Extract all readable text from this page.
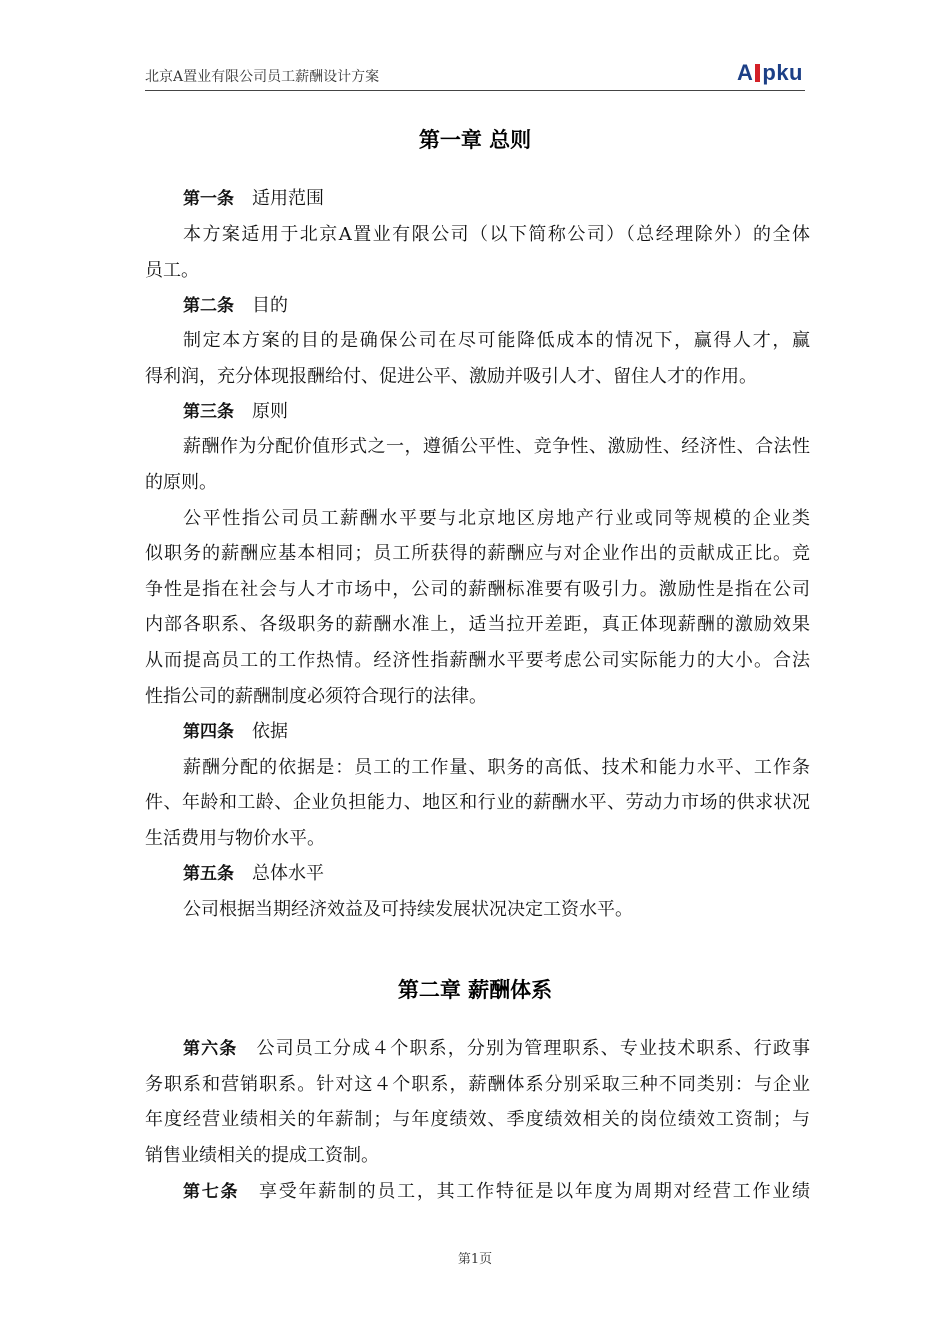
北京A置业有限公司员工薪酬设计方案	A pku
第一章 总则
第一条 适用范围
本方案适用于北京A置业有限公司（以下简称公司）（总经理除外）的全体
员工。
第二条 目的
制定本方案的目的是确保公司在尽可能降低成本的情况下，赢得人才，赢
得利润，充分体现报酬给付、促进公平、激励并吸引人才、留住人才的作用。
第三条 原则
薪酬作为分配价值形式之一，遵循公平性、竞争性、激励性、经济性、合法性
的原则。
公平性指公司员工薪酬水平要与北京地区房地产行业或同等规模的企业类
似职务的薪酬应基本相同；员工所获得的薪酬应与对企业作出的贡献成正比。竞
争性是指在社会与人才市场中，公司的薪酬标准要有吸引力。激励性是指在公司
内部各职系、各级职务的薪酬水准上，适当拉开差距，真正体现薪酬的激励效果
从而提高员工的工作热情。经济性指薪酬水平要考虑公司实际能力的大小。合法
性指公司的薪酬制度必须符合现行的法律。
第四条 依据
薪酬分配的依据是：员工的工作量、职务的高低、技术和能力水平、工作条
件、年龄和工龄、企业负担能力、地区和行业的薪酬水平、劳动力市场的供求状况
生活费用与物价水平。
第五条 总体水平
公司根据当期经济效益及可持续发展状况决定工资水平。
第二章 薪酬体系
第六条 公司员工分成４个职系，分别为管理职系、专业技术职系、行政事
务职系和营销职系。针对这４个职系，薪酬体系分别采取三种不同类别：与企业
年度经营业绩相关的年薪制；与年度绩效、季度绩效相关的岗位绩效工资制；与
销售业绩相关的提成工资制。
第七条 享受年薪制的员工，其工作特征是以年度为周期对经营工作业绩
第1页
